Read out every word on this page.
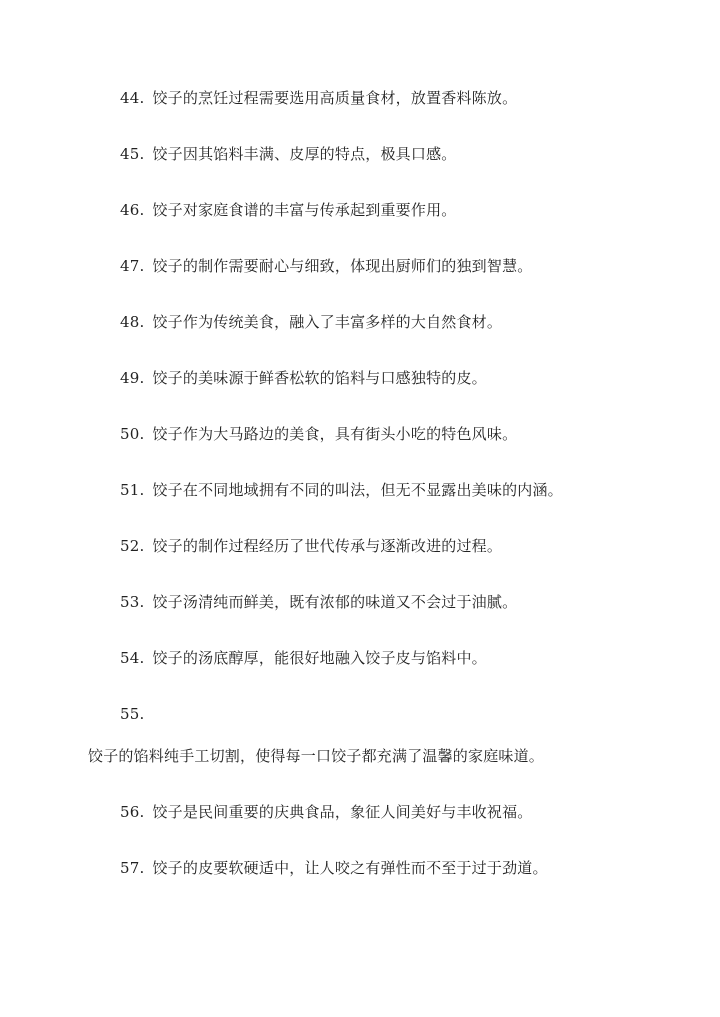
44. 饺子的烹饪过程需要选用高质量食材，放置香料陈放。
45. 饺子因其馅料丰满、皮厚的特点，极具口感。
46. 饺子对家庭食谱的丰富与传承起到重要作用。
47. 饺子的制作需要耐心与细致，体现出厨师们的独到智慧。
48. 饺子作为传统美食，融入了丰富多样的大自然食材。
49. 饺子的美味源于鲜香松软的馅料与口感独特的皮。
50. 饺子作为大马路边的美食，具有街头小吃的特色风味。
51. 饺子在不同地域拥有不同的叫法，但无不显露出美味的内涵。
52. 饺子的制作过程经历了世代传承与逐渐改进的过程。
53. 饺子汤清纯而鲜美，既有浓郁的味道又不会过于油腻。
54. 饺子的汤底醇厚，能很好地融入饺子皮与馅料中。
55.
饺子的馅料纯手工切割，使得每一口饺子都充满了温馨的家庭味道。
56. 饺子是民间重要的庆典食品，象征人间美好与丰收祝福。
57. 饺子的皮要软硬适中，让人咬之有弹性而不至于过于劲道。
